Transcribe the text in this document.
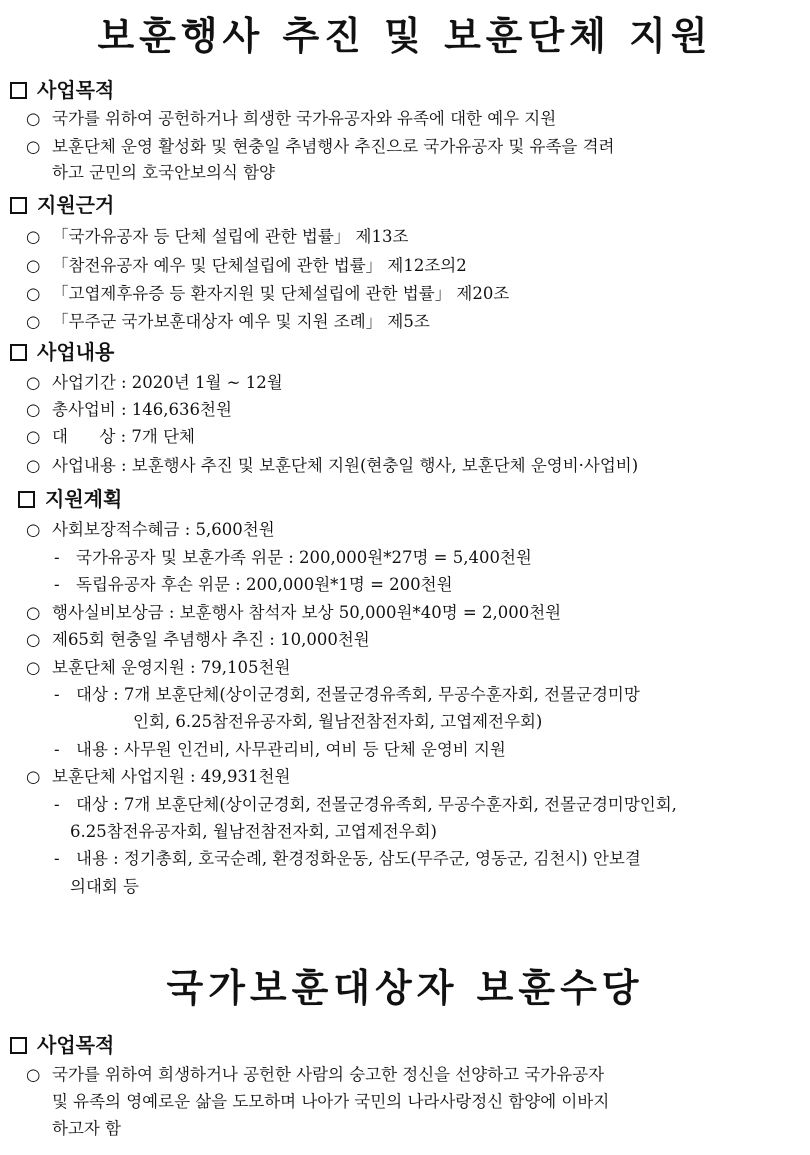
보훈행사 추진 및 보훈단체 지원
사업목적
○ 국가를 위하여 공헌하거나 희생한 국가유공자와 유족에 대한 예우 지원
○ 보훈단체 운영 활성화 및 현충일 추념행사 추진으로 국가유공자 및 유족을 격려
하고 군민의 호국안보의식 함양
지원근거
○ 「국가유공자 등 단체 설립에 관한 법률」 제13조
○ 「참전유공자 예우 및 단체설립에 관한 법률」 제12조의2
○ 「고엽제후유증 등 환자지원 및 단체설립에 관한 법률」 제20조
○ 「무주군 국가보훈대상자 예우 및 지원 조례」 제5조
사업내용
○ 사업기간 : 2020년 1월 ~ 12월
○ 총사업비 : 146,636천원
○ 대      상 : 7개 단체
○ 사업내용 : 보훈행사 추진 및 보훈단체 지원(현충일 행사, 보훈단체 운영비·사업비)
지원계획
○ 사회보장적수혜금 : 5,600천원
- 국가유공자 및 보훈가족 위문 : 200,000원*27명 = 5,400천원
- 독립유공자 후손 위문 : 200,000원*1명 = 200천원
○ 행사실비보상금 : 보훈행사 참석자 보상 50,000원*40명 = 2,000천원
○ 제65회 현충일 추념행사 추진 : 10,000천원
○ 보훈단체 운영지원 : 79,105천원
- 대상 : 7개 보훈단체(상이군경회, 전몰군경유족회, 무공수훈자회, 전몰군경미망
인회, 6.25참전유공자회, 월남전참전자회, 고엽제전우회)
- 내용 : 사무원 인건비, 사무관리비, 여비 등 단체 운영비 지원
○ 보훈단체 사업지원 : 49,931천원
- 대상 : 7개 보훈단체(상이군경회, 전몰군경유족회, 무공수훈자회, 전몰군경미망인회,
6.25참전유공자회, 월남전참전자회, 고엽제전우회)
- 내용 : 정기총회, 호국순례, 환경정화운동, 삼도(무주군, 영동군, 김천시) 안보결
의대회 등
국가보훈대상자 보훈수당
사업목적
○ 국가를 위하여 희생하거나 공헌한 사람의 숭고한 정신을 선양하고 국가유공자
및 유족의 영예로운 삶을 도모하며 나아가 국민의 나라사랑정신 함양에 이바지
하고자 함
